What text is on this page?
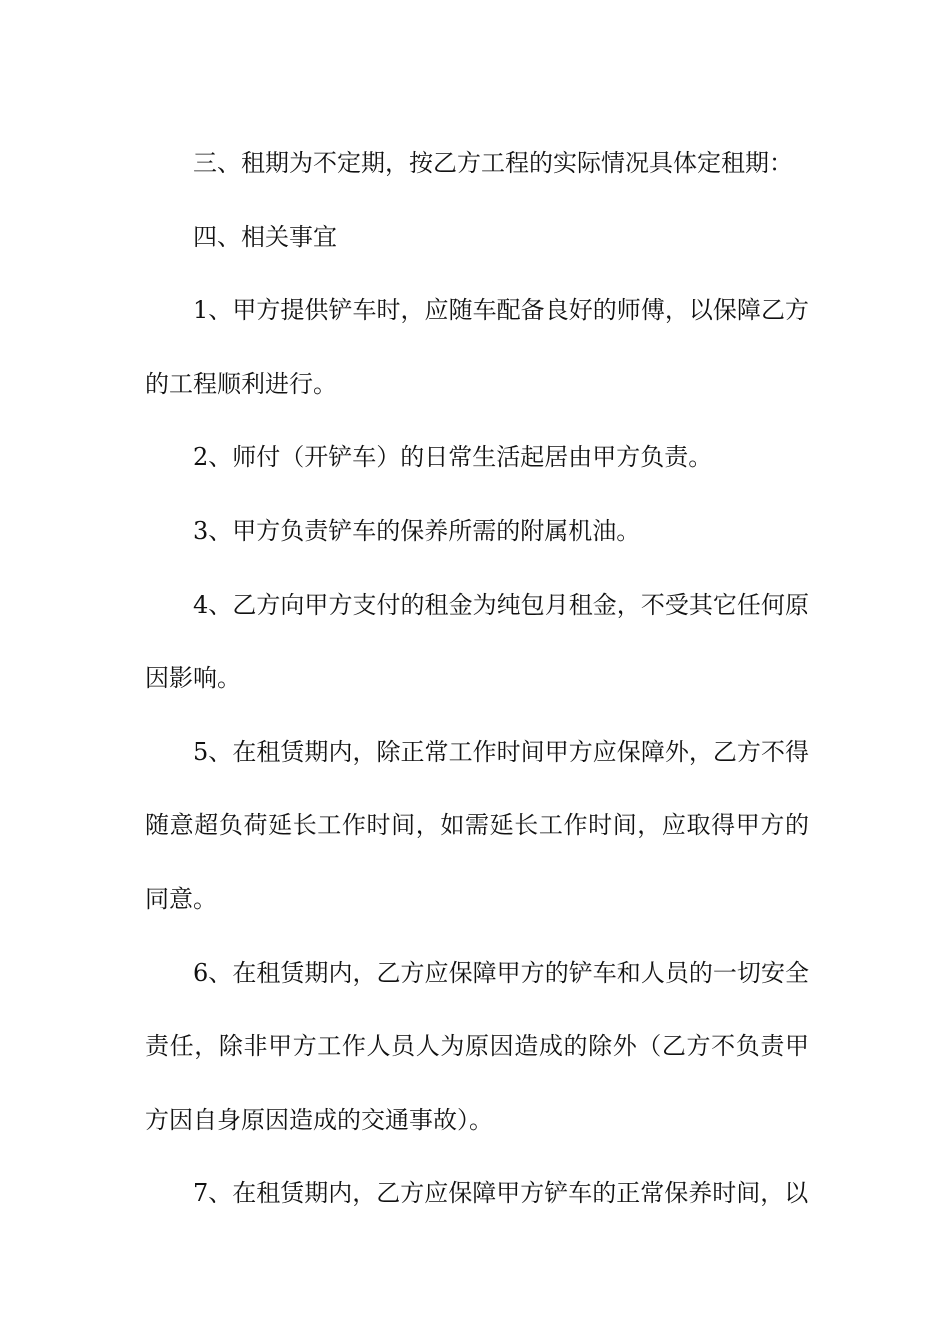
三、租期为不定期，按乙方工程的实际情况具体定租期：

四、相关事宜

1、甲方提供铲车时，应随车配备良好的师傅，以保障乙方的工程顺利进行。

2、师付（开铲车）的日常生活起居由甲方负责。

3、甲方负责铲车的保养所需的附属机油。

4、乙方向甲方支付的租金为纯包月租金，不受其它任何原因影响。

5、在租赁期内，除正常工作时间甲方应保障外，乙方不得随意超负荷延长工作时间，如需延长工作时间，应取得甲方的同意。

6、在租赁期内，乙方应保障甲方的铲车和人员的一切安全责任，除非甲方工作人员人为原因造成的除外（乙方不负责甲方因自身原因造成的交通事故）。

7、在租赁期内，乙方应保障甲方铲车的正常保养时间，以
